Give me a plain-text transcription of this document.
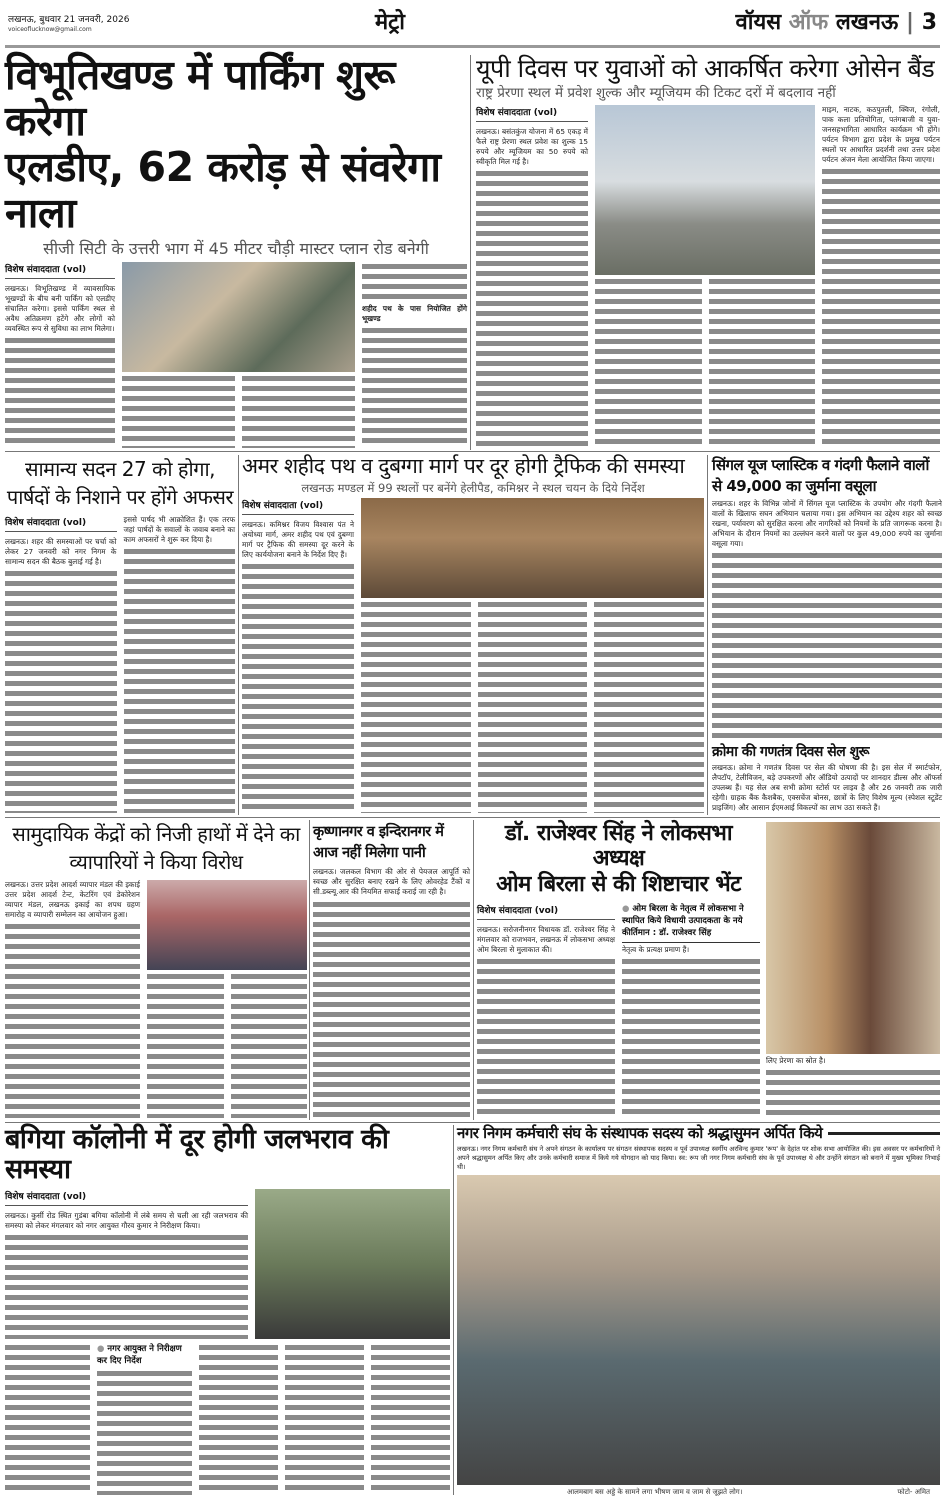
लखनऊ, बुधवार 21 जनवरी, 2026
voiceoflucknow@gmail.com	मेट्रो	वॉयस ऑफ लखनऊ | 3
विभूतिखण्ड में पार्किंग शुरू करेगा
एलडीए, 62 करोड़ से संवरेगा नाला
सीजी सिटी के उत्तरी भाग में 45 मीटर चौड़ी मास्टर प्लान रोड बनेगी
विशेष संवाददाता (vol)

लखनऊ। विभूतिखण्ड में व्यावसायिक भूखण्डों के बीच बनी पार्किंग को एलडीए संचालित करेगा। इससे पार्किंग स्थल से अवैध अतिक्रमण हटेंगे और लोगों को व्यवस्थित रूप से सुविधा का लाभ मिलेगा।

शहीद पथ के पास नियोजित होंगे भूखण्ड

यूपी दिवस पर युवाओं को आकर्षित करेगा ओसेन बैंड
राष्ट्र प्रेरणा स्थल में प्रवेश शुल्क और म्यूजियम की टिकट दरों में बदलाव नहीं
विशेष संवाददाता (vol)

लखनऊ। बसंतकुंज योजना में 65 एकड़ में फैले राष्ट्र प्रेरणा स्थल प्रवेश का शुल्क 15 रुपये और म्यूजियम का 50 रुपये को स्वीकृति मिल गई है।

माइम, नाटक, कठपुतली, क्विज, रंगोली, पाक कला प्रतियोगिता, पतंगबाजी व युवा-जनसहभागिता आधारित कार्यक्रम भी होंगे। पर्यटन विभाग द्वारा प्रदेश के प्रमुख पर्यटन स्थलों पर आधारित प्रदर्शनी तथा उत्तर प्रदेश पर्यटन अंजन मेला आयोजित किया जाएगा।

सामान्य सदन 27 को होगा, पार्षदों के निशाने पर होंगे अफसर
विशेष संवाददाता (vol)

लखनऊ। शहर की समस्याओं पर चर्चा को लेकर 27 जनवरी को नगर निगम के सामान्य सदन की बैठक बुलाई गई है।

इससे पार्षद भी आक्रोशित हैं। एक तरफ जहां पार्षदों के सवालों के जवाब बनाने का काम अफसरों ने शुरू कर दिया है।

अमर शहीद पथ व दुबग्गा मार्ग पर दूर होगी ट्रैफिक की समस्या
लखनऊ मण्डल में 99 स्थलों पर बनेंगे हेलीपैड, कमिश्नर ने स्थल चयन के दिये निर्देश
विशेष संवाददाता (vol)

लखनऊ। कमिश्नर विजय विश्वास पंत ने अयोध्या मार्ग, अमर शहीद पथ एवं दुबग्गा मार्ग पर ट्रैफिक की समस्या दूर करने के लिए कार्ययोजना बनाने के निर्देश दिए हैं।

सिंगल यूज प्लास्टिक व गंदगी फैलाने वालों से 49,000 का जुर्माना वसूला

लखनऊ। शहर के विभिन्न जोनों में सिंगल यूज प्लास्टिक के उपयोग और गंदगी फैलाने वालों के खिलाफ सघन अभियान चलाया गया। इस अभियान का उद्देश्य शहर को स्वच्छ रखना, पर्यावरण को सुरक्षित करना और नागरिकों को नियमों के प्रति जागरूक करना है। अभियान के दौरान नियमों का उल्लंघन करने वालों पर कुल 49,000 रुपये का जुर्माना वसूला गया।

क्रोमा की गणतंत्र दिवस सेल शुरू

लखनऊ। क्रोमा ने गणतंत्र दिवस पर सेल की घोषणा की है। इस सेल में स्मार्टफोन, लैपटॉप, टेलीविजन, बड़े उपकरणों और ऑडियो उत्पादों पर शानदार डील्स और ऑफर्स उपलब्ध हैं। यह सेल अब सभी क्रोमा स्टोर्स पर लाइव है और 26 जनवरी तक जारी रहेगी। ग्राहक बैंक कैशबैक, एक्सचेंज बोनस, छात्रों के लिए विशेष मूल्य (स्पेशल स्टूडेंट प्राइजिंग) और आसान ईएमआई विकल्पों का लाभ उठा सकते हैं।

सामुदायिक केंद्रों को निजी हाथों में देने का व्यापारियों ने किया विरोध

लखनऊ। उत्तर प्रदेश आदर्श व्यापार मंडल की इकाई उत्तर प्रदेश आदर्श टेन्ट, केटरिंग एवं डेकोरेशन व्यापार मंडल, लखनऊ इकाई का शपथ ग्रहण समारोह व व्यापारी सम्मेलन का आयोजन हुआ।

कृष्णानगर व इन्दिरानगर में आज नहीं मिलेगा पानी

लखनऊ। जलकल विभाग की ओर से पेयजल आपूर्ति को स्वच्छ और सुरक्षित बनाए रखने के लिए ओवरहेड टैंकों व सी.डब्ल्यू.आर की नियमित सफाई कराई जा रही है।

डॉ. राजेश्वर सिंह ने लोकसभा अध्यक्ष
ओम बिरला से की शिष्टाचार भेंट
विशेष संवाददाता (vol)

लखनऊ। सरोजनीनगर विधायक डॉ. राजेश्वर सिंह ने मंगलवार को राजभवन, लखनऊ में लोकसभा अध्यक्ष ओम बिरला से मुलाकात की।

● ओम बिरला के नेतृत्व में लोकसभा ने स्थापित किये विधायी उत्पादकता के नये कीर्तिमान : डॉ. राजेश्वर सिंह

नेतृत्व के प्रत्यक्ष प्रमाण हैं।

लिए प्रेरणा का स्रोत है।

बगिया कॉलोनी में दूर होगी जलभराव की समस्या
विशेष संवाददाता (vol)

लखनऊ। कुर्सी रोड स्थित गुडंबा बगिया कॉलोनी में लंबे समय से चली आ रही जलभराव की समस्या को लेकर मंगलवार को नगर आयुक्त गौरव कुमार ने निरीक्षण किया।

● नगर आयुक्त ने निरीक्षण कर दिए निर्देश
नगर निगम कर्मचारी संघ के संस्थापक सदस्य को श्रद्धासुमन अर्पित किये

लखनऊ। नगर निगम कर्मचारी संघ ने अपने संगठन के कार्यालय पर संगठन संस्थापक सदस्य व पूर्व उपाध्यक्ष स्वर्गीय अरविन्द कुमार 'रूप' के देहांत पर शोक सभा आयोजित की। इस अवसर पर कर्मचारियों ने अपने श्रद्धासुमन अर्पित किए और उनके कर्मचारी समाज में किये गये योगदान को याद किया। स्व: रूप जी नगर निगम कर्मचारी संघ के पूर्व उपाध्यक्ष थे और उन्होंने संगठन को बनाने में मुख्य भूमिका निभाई थी।

आलमबाग बस अड्डे के सामने लगा भीषण जाम व जाम से जूझते लोग।	फोटो- अमित
